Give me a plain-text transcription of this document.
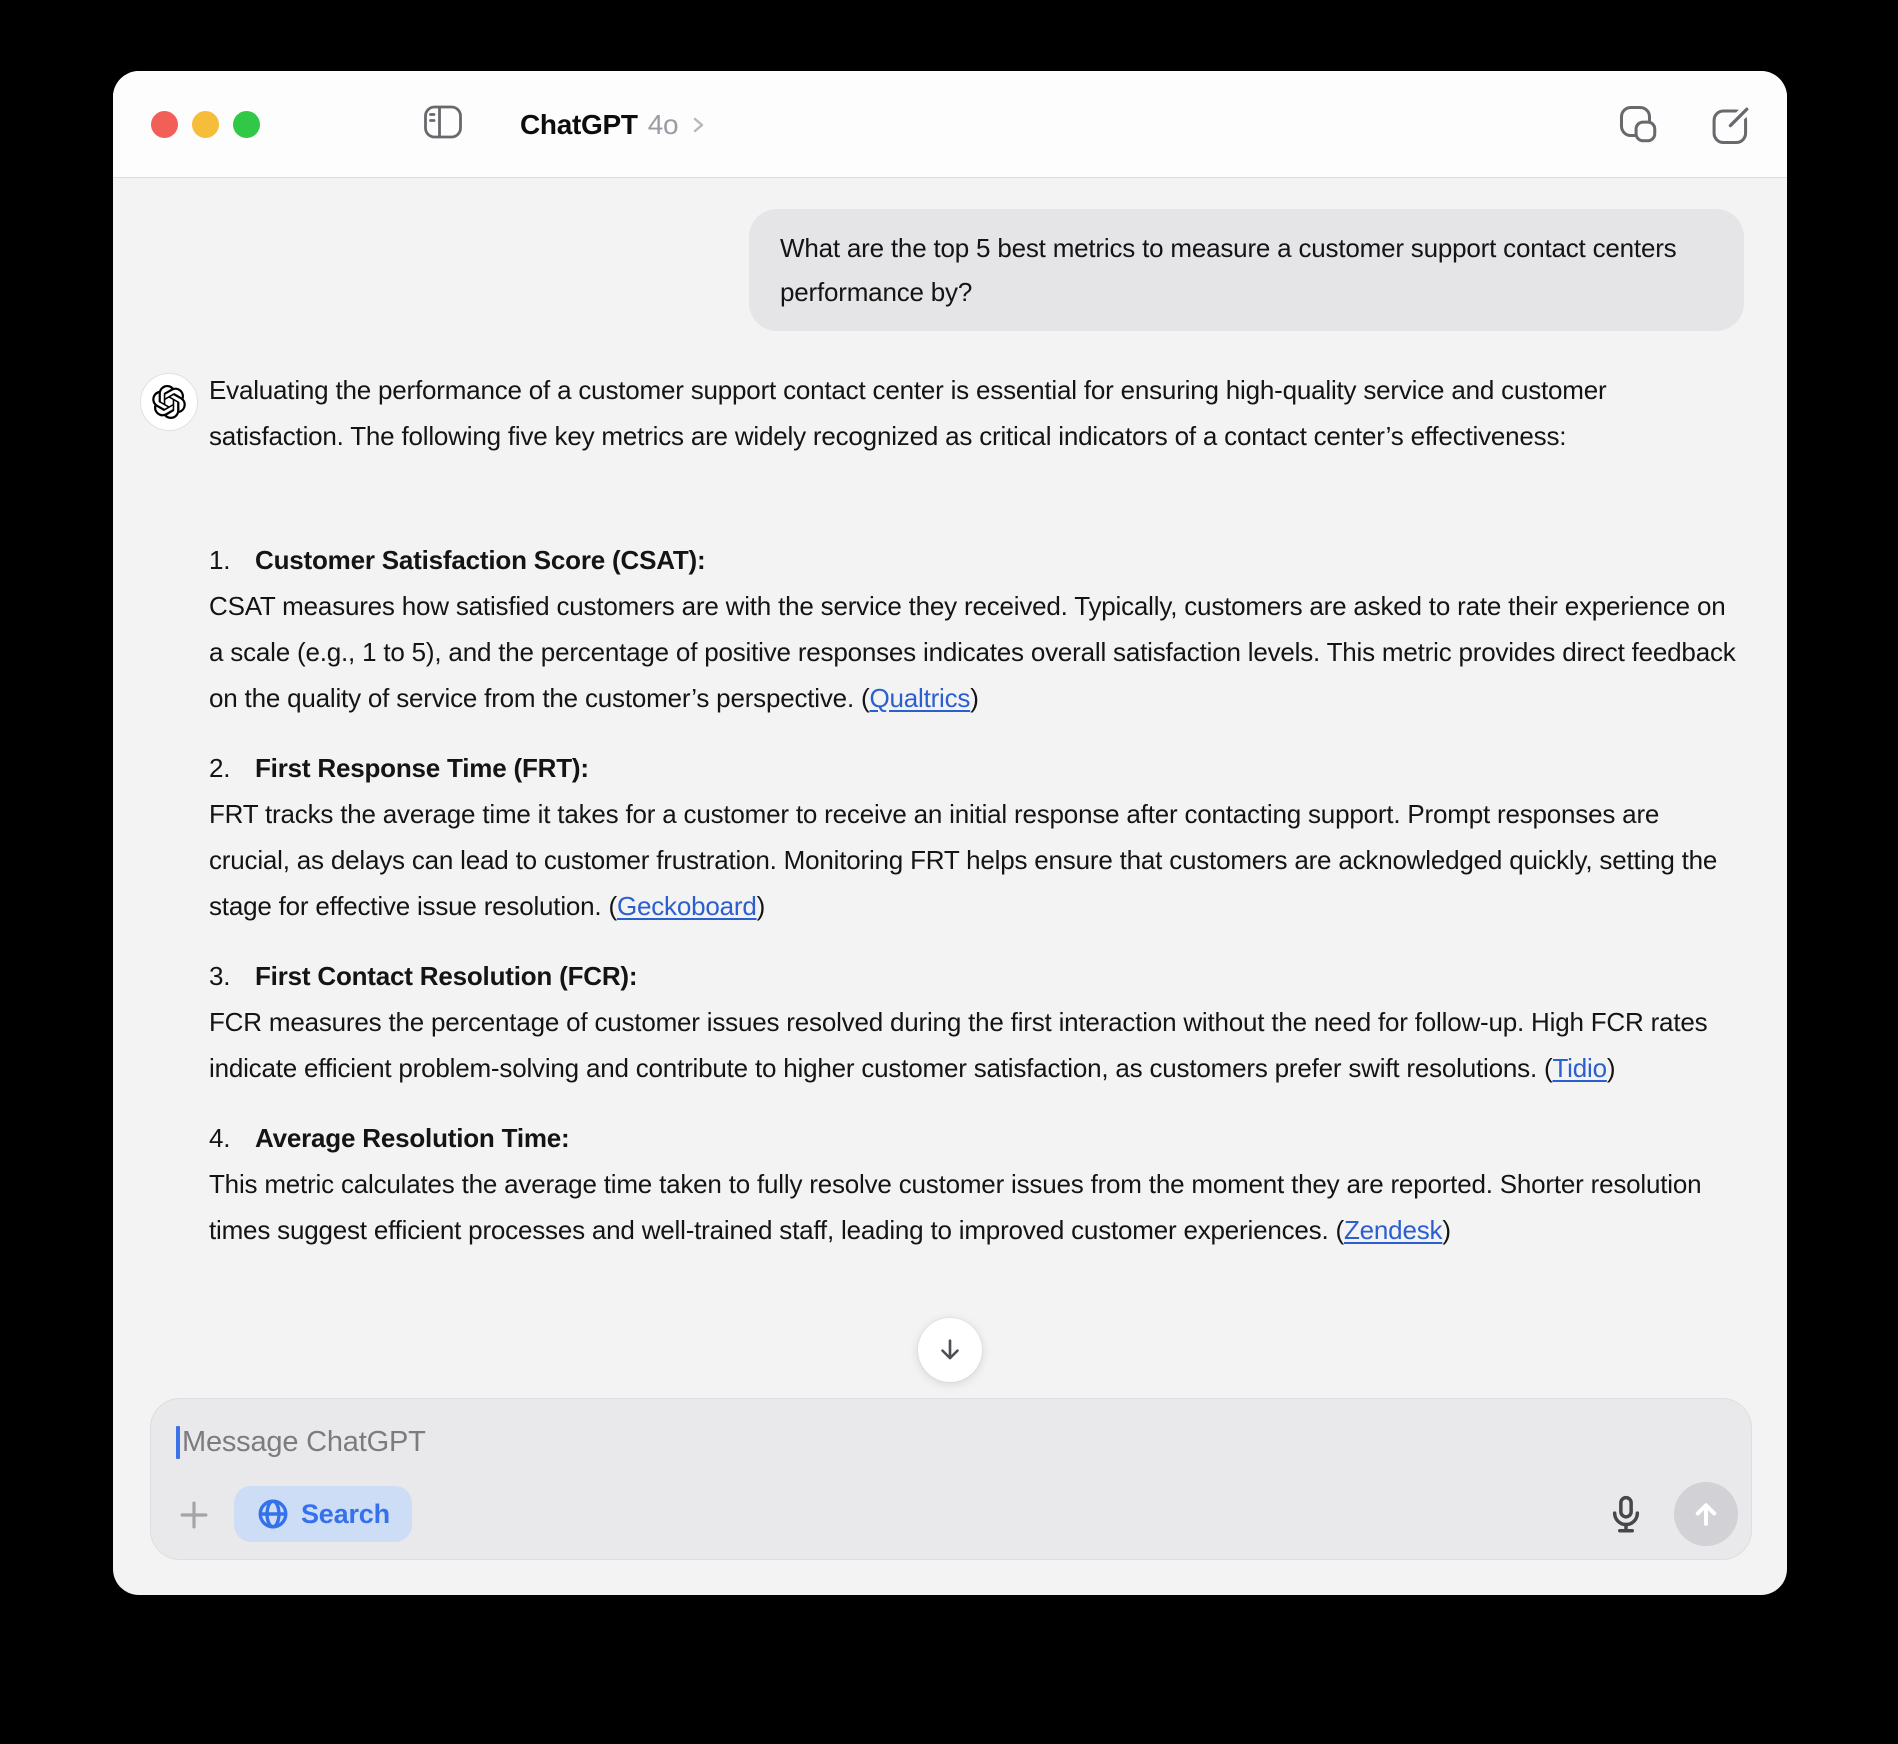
ChatGPT 4o
What are the top 5 best metrics to measure a customer support contact centers performance by?

Evaluating the performance of a customer support contact center is essential for ensuring high-quality service and customer satisfaction. The following five key metrics are widely recognized as critical indicators of a contact center’s effectiveness:

1. Customer Satisfaction Score (CSAT):

CSAT measures how satisfied customers are with the service they received. Typically, customers are asked to rate their experience on a scale (e.g., 1 to 5), and the percentage of positive responses indicates overall satisfaction levels. This metric provides direct feedback on the quality of service from the customer’s perspective. (Qualtrics)

2. First Response Time (FRT):

FRT tracks the average time it takes for a customer to receive an initial response after contacting support. Prompt responses are crucial, as delays can lead to customer frustration. Monitoring FRT helps ensure that customers are acknowledged quickly, setting the stage for effective issue resolution. (Geckoboard)

3. First Contact Resolution (FCR):

FCR measures the percentage of customer issues resolved during the first interaction without the need for follow-up. High FCR rates indicate efficient problem-solving and contribute to higher customer satisfaction, as customers prefer swift resolutions. (Tidio)

4. Average Resolution Time:

This metric calculates the average time taken to fully resolve customer issues from the moment they are reported. Shorter resolution times suggest efficient processes and well-trained staff, leading to improved customer experiences. (Zendesk)

Message ChatGPT
Search
